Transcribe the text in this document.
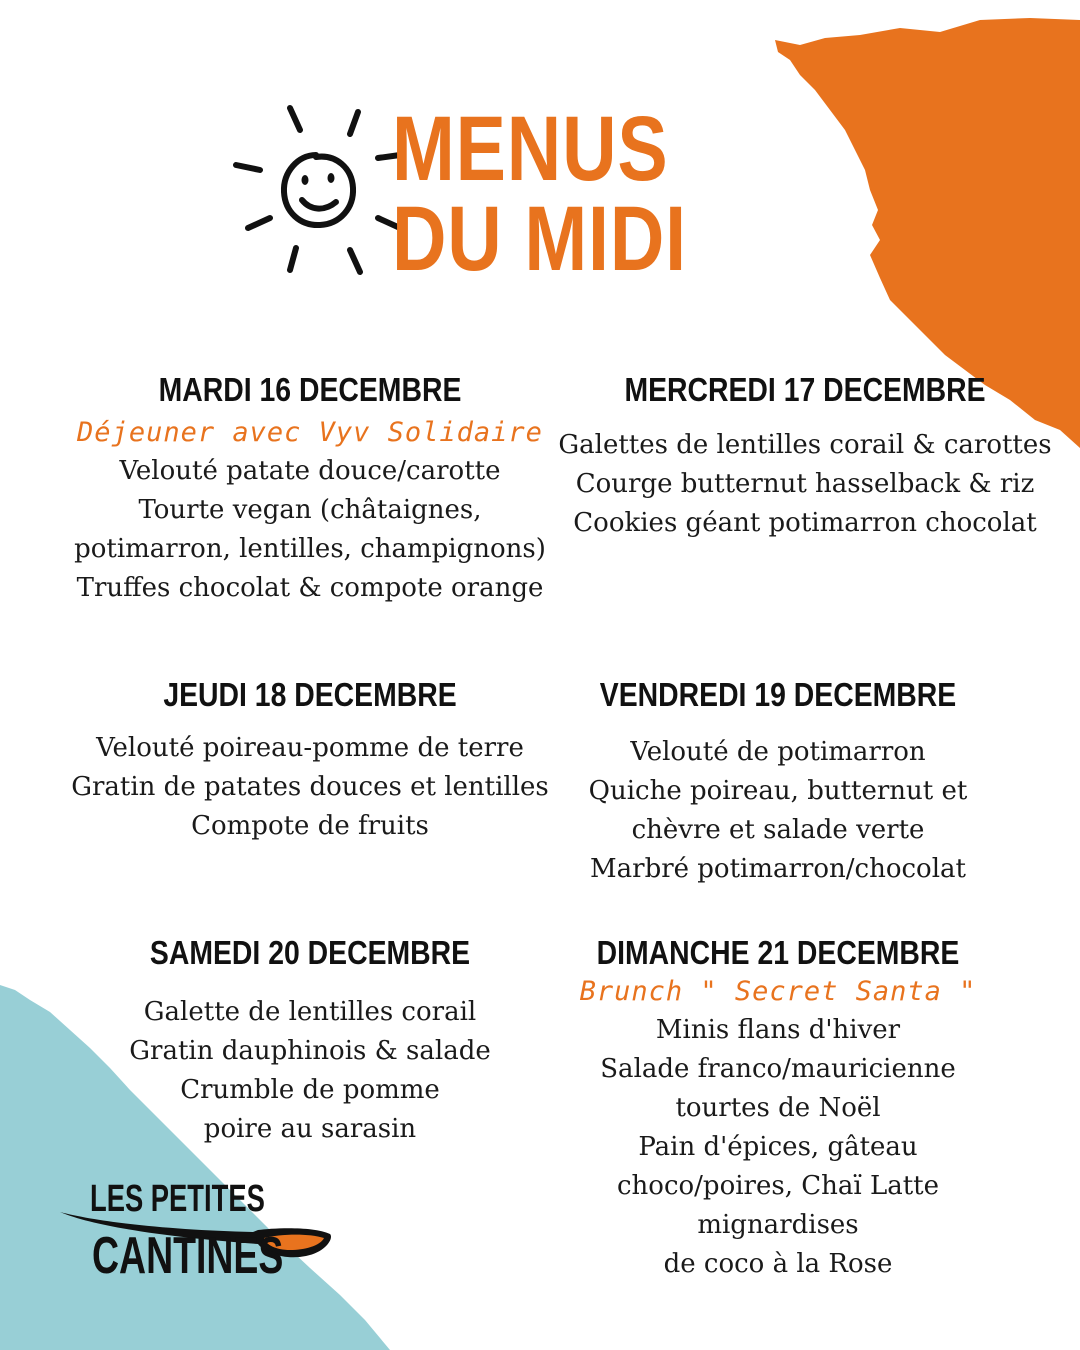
MENUS
DU MIDI
MARDI 16 DECEMBRE
Déjeuner avec Vyv Solidaire
Velouté patate douce/carotte
Tourte vegan (châtaignes,
potimarron, lentilles, champignons)
Truffes chocolat & compote orange
MERCREDI 17 DECEMBRE
Galettes de lentilles corail & carottes
Courge butternut hasselback & riz
Cookies géant potimarron chocolat
JEUDI 18 DECEMBRE
Velouté poireau-pomme de terre
Gratin de patates douces et lentilles
Compote de fruits
VENDREDI 19 DECEMBRE
Velouté de potimarron
Quiche poireau, butternut et
chèvre et salade verte
Marbré potimarron/chocolat
SAMEDI 20 DECEMBRE
Galette de lentilles corail
Gratin dauphinois & salade
Crumble de pomme
poire au sarasin
DIMANCHE 21 DECEMBRE
Brunch " Secret Santa "
Minis flans d'hiver
Salade franco/mauricienne
tourtes de Noël
Pain d'épices, gâteau
choco/poires, Chaï Latte
mignardises
de coco à la Rose
LES PETITES
CANTINES
